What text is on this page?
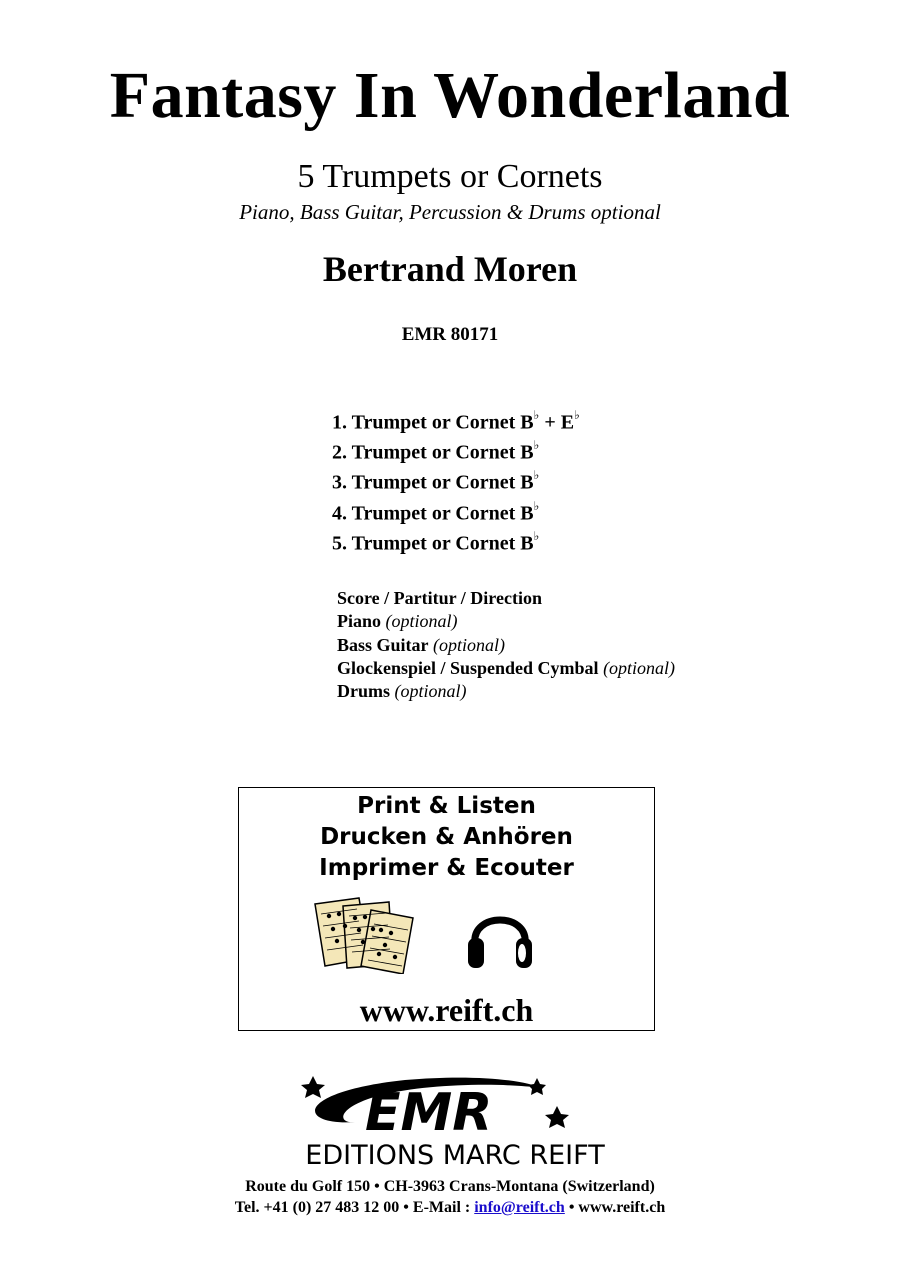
Fantasy In Wonderland
5 Trumpets or Cornets
Piano, Bass Guitar, Percussion & Drums optional
Bertrand Moren
EMR 80171
1. Trumpet or Cornet B♭ + E♭
2. Trumpet or Cornet B♭
3. Trumpet or Cornet B♭
4. Trumpet or Cornet B♭
5. Trumpet or Cornet B♭
Score / Partitur / Direction
Piano (optional)
Bass Guitar (optional)
Glockenspiel / Suspended Cymbal (optional)
Drums (optional)
Print & Listen
Drucken & Anhören
Imprimer & Ecouter
www.reift.ch
EMR
EDITIONS MARC REIFT
Route du Golf 150 • CH-3963 Crans-Montana (Switzerland)
Tel. +41 (0) 27 483 12 00 • E-Mail : info@reift.ch • www.reift.ch
